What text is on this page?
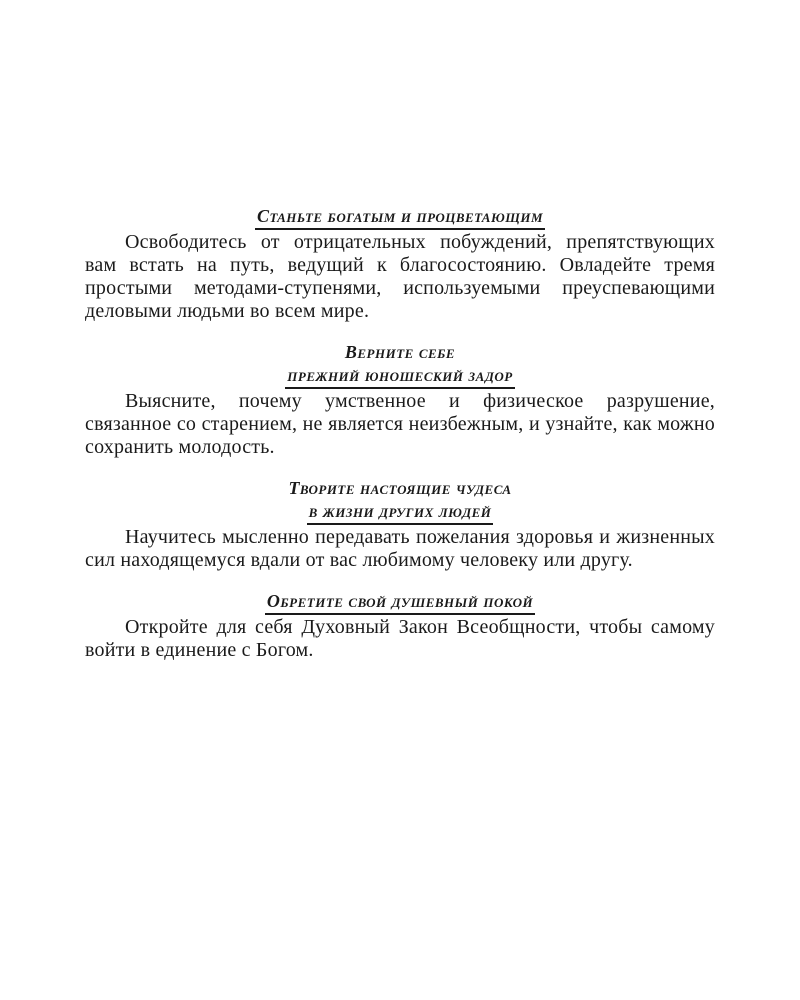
Станьте богатым и процветающим

Освободитесь от отрицательных побуждений, препятствующих вам встать на путь, ведущий к благосостоянию. Овладейте тремя простыми методами-ступенями, используемыми преуспевающими деловыми людьми во всем мире.

Верните себе
прежний юношеский задор

Выясните, почему умственное и физическое разрушение, связанное со старением, не является неизбежным, и узнайте, как можно сохранить молодость.

Творите настоящие чудеса
в жизни других людей

Научитесь мысленно передавать пожелания здоровья и жизненных сил находящемуся вдали от вас любимому человеку или другу.

Обретите свой душевный покой

Откройте для себя Духовный Закон Всеобщности, чтобы самому войти в единение с Богом.
